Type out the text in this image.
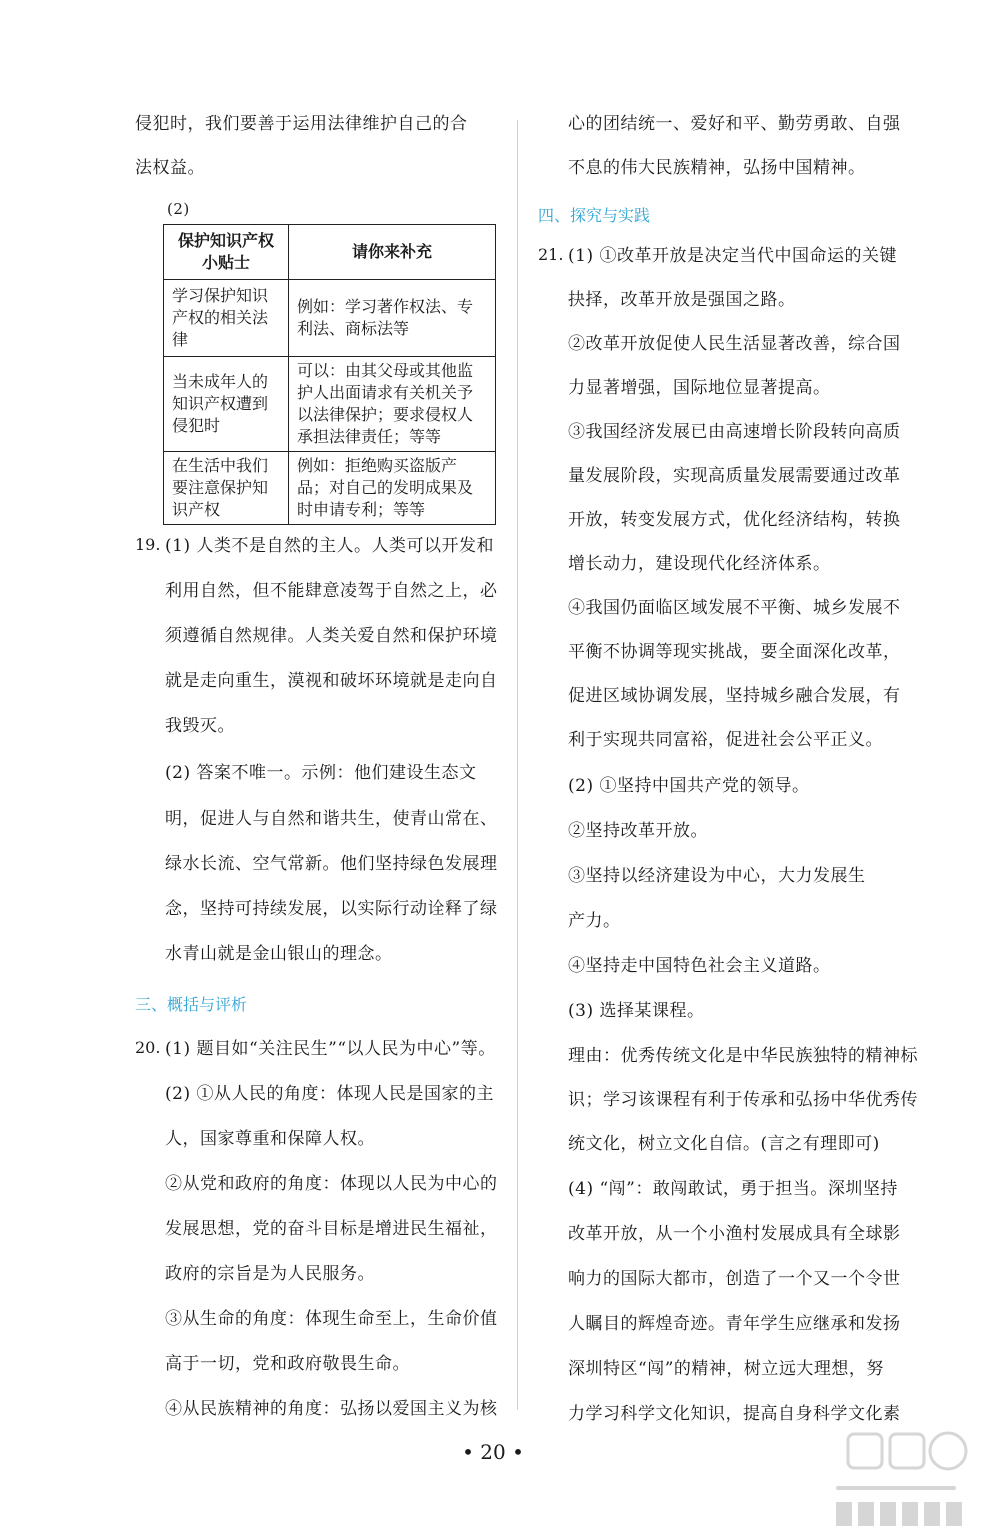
侵犯时，我们要善于运用法律维护自己的合
法权益。
(2)
19. (1) 人类不是自然的主人。人类可以开发和
利用自然，但不能肆意凌驾于自然之上，必
须遵循自然规律。人类关爱自然和保护环境
就是走向重生，漠视和破坏环境就是走向自
我毁灭。
(2) 答案不唯一。示例：他们建设生态文
明，促进人与自然和谐共生，使青山常在、
绿水长流、空气常新。他们坚持绿色发展理
念，坚持可持续发展，以实际行动诠释了绿
水青山就是金山银山的理念。
三、概括与评析
20. (1) 题目如“关注民生”“以人民为中心”等。
(2) ①从人民的角度：体现人民是国家的主
人，国家尊重和保障人权。
②从党和政府的角度：体现以人民为中心的
发展思想，党的奋斗目标是增进民生福祉，
政府的宗旨是为人民服务。
③从生命的角度：体现生命至上，生命价值
高于一切，党和政府敬畏生命。
④从民族精神的角度：弘扬以爱国主义为核
保护知识产权小贴士	请你来补充
学习保护知识产权的相关法律	例如：学习著作权法、专利法、商标法等
当未成年人的知识产权遭到侵犯时	可以：由其父母或其他监护人出面请求有关机关予以法律保护；要求侵权人承担法律责任；等等
在生活中我们要注意保护知识产权	例如：拒绝购买盗版产品；对自己的发明成果及时申请专利；等等
心的团结统一、爱好和平、勤劳勇敢、自强
不息的伟大民族精神，弘扬中国精神。
四、探究与实践
21. (1) ①改革开放是决定当代中国命运的关键
抉择，改革开放是强国之路。
②改革开放促使人民生活显著改善，综合国
力显著增强，国际地位显著提高。
③我国经济发展已由高速增长阶段转向高质
量发展阶段，实现高质量发展需要通过改革
开放，转变发展方式，优化经济结构，转换
增长动力，建设现代化经济体系。
④我国仍面临区域发展不平衡、城乡发展不
平衡不协调等现实挑战，要全面深化改革，
促进区域协调发展，坚持城乡融合发展，有
利于实现共同富裕，促进社会公平正义。
(2) ①坚持中国共产党的领导。
②坚持改革开放。
③坚持以经济建设为中心，大力发展生
产力。
④坚持走中国特色社会主义道路。
(3) 选择某课程。
理由：优秀传统文化是中华民族独特的精神标
识；学习该课程有利于传承和弘扬中华优秀传
统文化，树立文化自信。(言之有理即可)
(4) “闯”：敢闯敢试，勇于担当。深圳坚持
改革开放，从一个小渔村发展成具有全球影
响力的国际大都市，创造了一个又一个令世
人瞩目的辉煌奇迹。青年学生应继承和发扬
深圳特区“闯”的精神，树立远大理想，努
力学习科学文化知识，提高自身科学文化素
• 20 •
